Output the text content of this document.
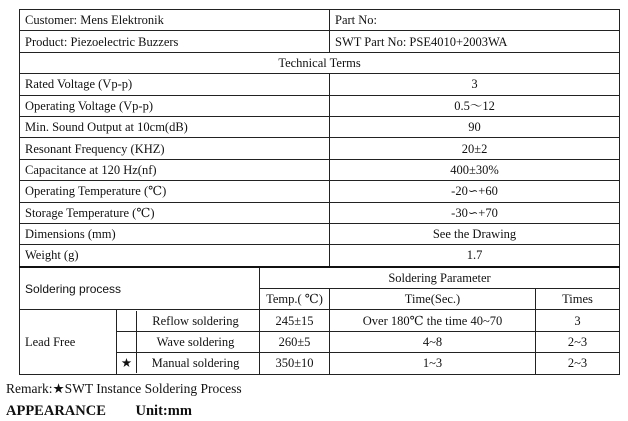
Customer: Mens Elektronik			Part No:	
Product: Piezoelectric Buzzers			SWT Part No: PSE4010+2003WA	
Technical Terms				
Rated Voltage (Vp-p)			3	
Operating Voltage (Vp-p)			0.5～12	
Min. Sound Output at 10cm(dB)			90	
Resonant Frequency (KHZ)			20±2	
Capacitance at 120 Hz(nf)			400±30%	
Operating Temperature (℃)			-20∽+60	
Storage Temperature (℃)			-30∽+70	
Dimensions (mm)			See the Drawing	
Weight (g)			1.7	
Soldering process		Soldering Parameter		
		Temp.( ℃)	Time(Sec.)	Times
Lead Free	Reflow soldering	245±15	Over 180℃ the time 40~70	3

	Wave soldering	260±5	4~8	2~3

	★ Manual soldering	350±10	1~3	2~3
Remark:★SWT Instance Soldering Process
APPEARANCE Unit:mm
